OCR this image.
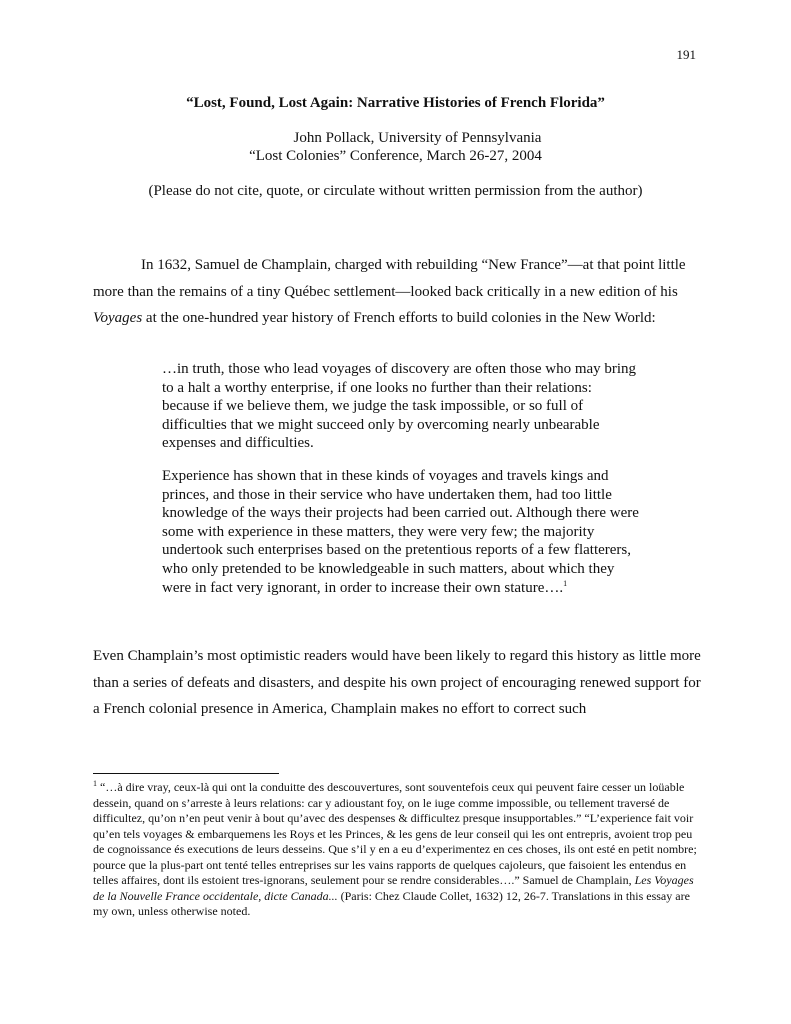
191
“Lost, Found, Lost Again: Narrative Histories of French Florida”
John Pollack, University of Pennsylvania
“Lost Colonies” Conference, March 26-27, 2004
(Please do not cite, quote, or circulate without written permission from the author)
In 1632, Samuel de Champlain, charged with rebuilding “New France”—at that point little more than the remains of a tiny Québec settlement—looked back critically in a new edition of his Voyages at the one-hundred year history of French efforts to build colonies in the New World:
…in truth, those who lead voyages of discovery are often those who may bring to a halt a worthy enterprise, if one looks no further than their relations: because if we believe them, we judge the task impossible, or so full of difficulties that we might succeed only by overcoming nearly unbearable expenses and difficulties.
Experience has shown that in these kinds of voyages and travels kings and princes, and those in their service who have undertaken them, had too little knowledge of the ways their projects had been carried out. Although there were some with experience in these matters, they were very few; the majority undertook such enterprises based on the pretentious reports of a few flatterers, who only pretended to be knowledgeable in such matters, about which they were in fact very ignorant, in order to increase their own stature….$^1$
Even Champlain’s most optimistic readers would have been likely to regard this history as little more than a series of defeats and disasters, and despite his own project of encouraging renewed support for a French colonial presence in America, Champlain makes no effort to correct such
$^1$ “…à dire vray, ceux-là qui ont la conduitte des descouvertures, sont souventefois ceux qui peuvent faire cesser un loüable dessein, quand on s’arreste à leurs relations: car y adioustant foy, on le iuge comme impossible, ou tellement traversé de difficultez, qu’on n’en peut venir à bout qu’avec des despenses & difficultez presque insupportables.” “L’experience fait voir qu’en tels voyages & embarquemens les Roys et les Princes, & les gens de leur conseil qui les ont entrepris, avoient trop peu de cognoissance és executions de leurs desseins. Que s’il y en a eu d’experimentez en ces choses, ils ont esté en petit nombre; pource que la plus-part ont tenté telles entreprises sur les vains rapports de quelques cajoleurs, que faisoient les entendus en telles affaires, dont ils estoient tres-ignorans, seulement pour se rendre considerables….” Samuel de Champlain, Les Voyages de la Nouvelle France occidentale, dicte Canada... (Paris: Chez Claude Collet, 1632) 12, 26-7. Translations in this essay are my own, unless otherwise noted.
